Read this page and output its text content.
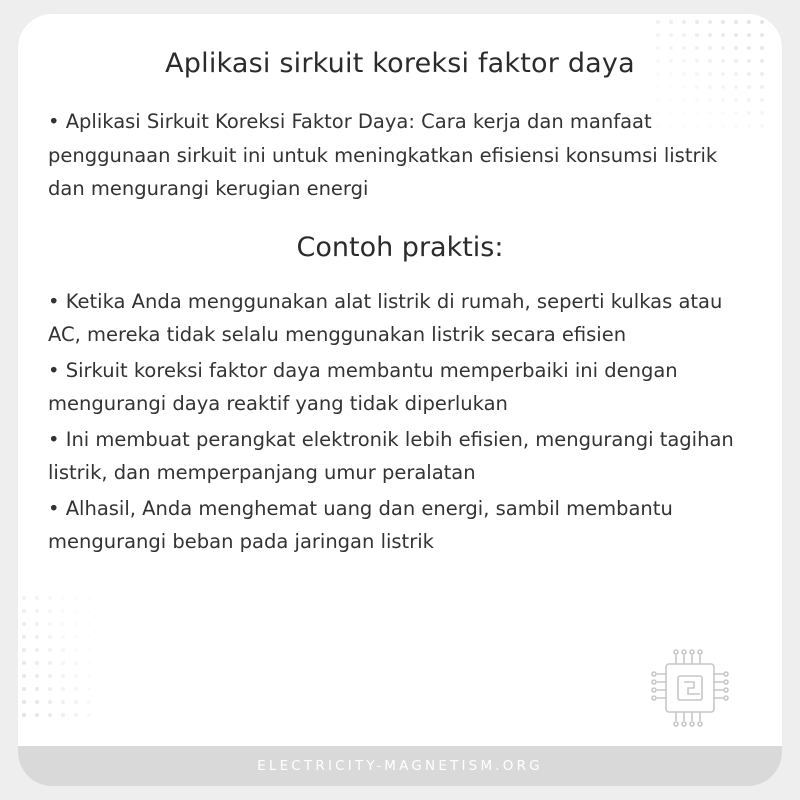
Aplikasi sirkuit koreksi faktor daya

• Aplikasi Sirkuit Koreksi Faktor Daya: Cara kerja dan manfaat penggunaan sirkuit ini untuk meningkatkan efisiensi konsumsi listrik dan mengurangi kerugian energi

Contoh praktis:

• Ketika Anda menggunakan alat listrik di rumah, seperti kulkas atau AC, mereka tidak selalu menggunakan listrik secara efisien

• Sirkuit koreksi faktor daya membantu memperbaiki ini dengan mengurangi daya reaktif yang tidak diperlukan

• Ini membuat perangkat elektronik lebih efisien, mengurangi tagihan listrik, dan memperpanjang umur peralatan

• Alhasil, Anda menghemat uang dan energi, sambil membantu mengurangi beban pada jaringan listrik

ELECTRICITY-MAGNETISM.ORG
